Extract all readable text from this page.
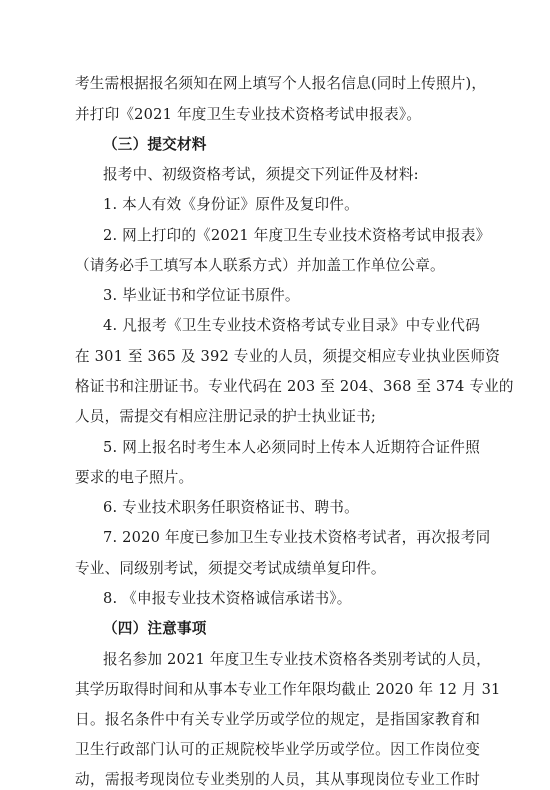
考生需根据报名须知在网上填写个人报名信息(同时上传照片)，
并打印《2021 年度卫生专业技术资格考试申报表》。
（三）提交材料
报考中、初级资格考试，须提交下列证件及材料:
1. 本人有效《身份证》原件及复印件。
2. 网上打印的《2021 年度卫生专业技术资格考试申报表》
（请务必手工填写本人联系方式）并加盖工作单位公章。
3. 毕业证书和学位证书原件。
4. 凡报考《卫生专业技术资格考试专业目录》中专业代码
在 301 至 365 及 392 专业的人员，须提交相应专业执业医师资
格证书和注册证书。专业代码在 203 至 204、368 至 374 专业的
人员，需提交有相应注册记录的护士执业证书;
5. 网上报名时考生本人必须同时上传本人近期符合证件照
要求的电子照片。
6. 专业技术职务任职资格证书、聘书。
7. 2020 年度已参加卫生专业技术资格考试者，再次报考同
专业、同级别考试，须提交考试成绩单复印件。
8. 《申报专业技术资格诚信承诺书》。
（四）注意事项
报名参加 2021 年度卫生专业技术资格各类别考试的人员，
其学历取得时间和从事本专业工作年限均截止 2020 年 12 月 31
日。报名条件中有关专业学历或学位的规定，是指国家教育和
卫生行政部门认可的正规院校毕业学历或学位。因工作岗位变
动，需报考现岗位专业类别的人员，其从事现岗位专业工作时
